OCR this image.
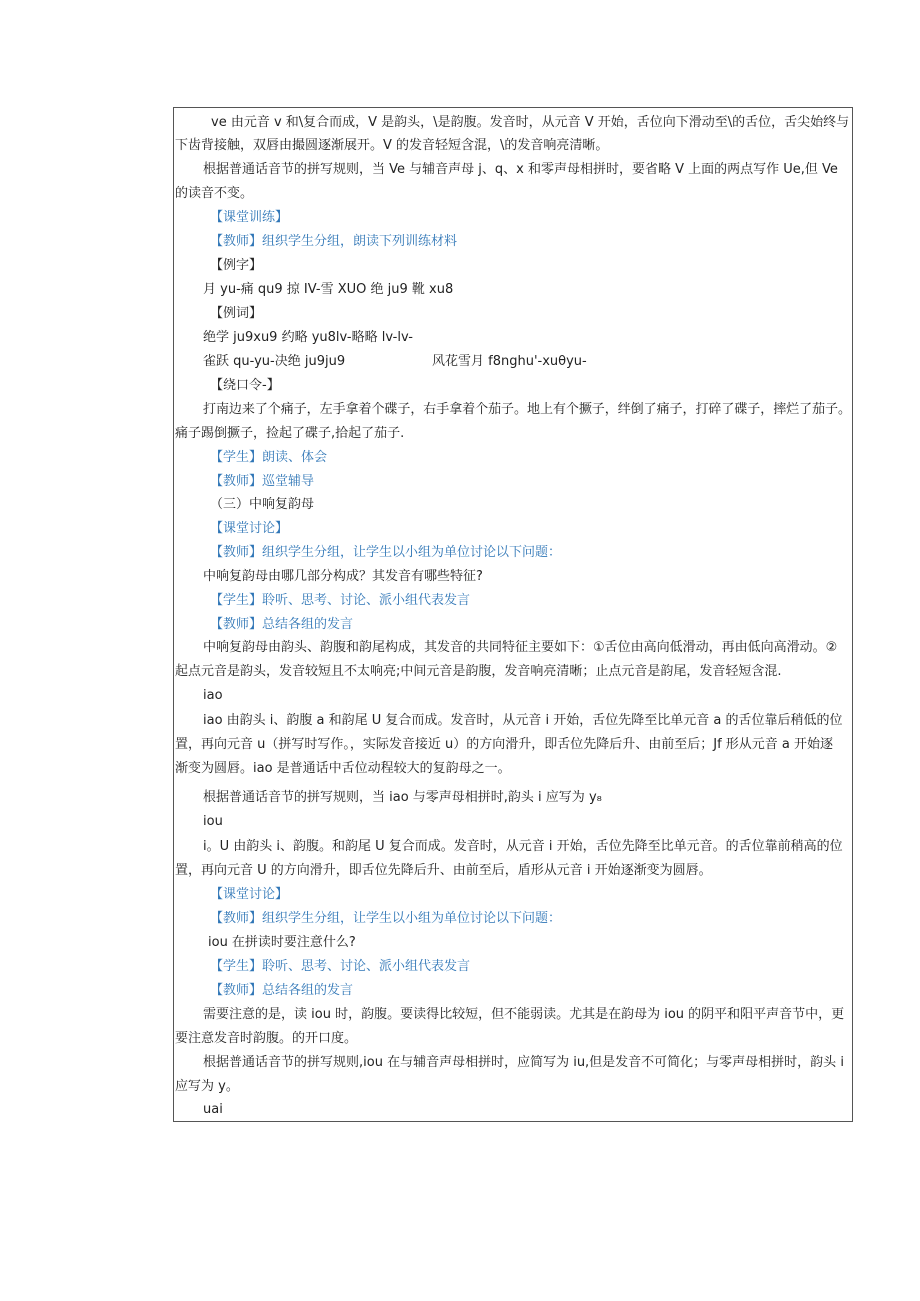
ve 由元音 v 和\复合而成，V 是韵头，\是韵腹。发音时，从元音 V 开始，舌位向下滑动至\的舌位，舌尖始终与
下齿背接触，双唇由撮圆逐渐展开。V 的发音轻短含混，\的发音响亮清晰。
根据普通话音节的拼写规则，当 Ve 与辅音声母 j、q、x 和零声母相拼时，要省略 V 上面的两点写作 Ue,但 Ve
的读音不变。
【课堂训练】
【教师】组织学生分组，朗读下列训练材料
【例字】
月 yu-痛 qu9 掠 IV-雪 XUO 绝 ju9 靴 xu8
【例词】
绝学 ju9xu9 约略 yu8lv-略略 lv-lv-
雀跃 qu-yu-决绝 ju9ju9	风花雪月 f8nghu'-xuθyu-
【绕口令-】
打南边来了个痛子，左手拿着个碟子，右手拿着个茄子。地上有个撅子，绊倒了痛子，打碎了碟子，摔烂了茄子。
痛子踢倒撅子，捡起了碟子,拾起了茄子.
【学生】朗读、体会
【教师】巡堂辅导
（三）中响复韵母
【课堂讨论】
【教师】组织学生分组，让学生以小组为单位讨论以下问题：
中响复韵母由哪几部分构成？其发音有哪些特征?
【学生】聆听、思考、讨论、派小组代表发言
【教师】总结各组的发言
中响复韵母由韵头、韵腹和韵尾构成，其发音的共同特征主要如下：①舌位由高向低滑动，再由低向高滑动。②
起点元音是韵头，发音较短且不太响亮;中间元音是韵腹，发音响亮清晰；止点元音是韵尾，发音轻短含混.
iao
iao 由韵头 i、韵腹 a 和韵尾 U 复合而成。发音时，从元音 i 开始，舌位先降至比单元音 a 的舌位靠后稍低的位
置，再向元音 u（拼写时写作。，实际发音接近 u）的方向滑升，即舌位先降后升、由前至后；Jf 形从元音 a 开始逐
渐变为圆唇。iao 是普通话中舌位动程较大的复韵母之一。
根据普通话音节的拼写规则，当 iao 与零声母相拼时,韵头 i 应写为 y₈
iou
i。U 由韵头 i、韵腹。和韵尾 U 复合而成。发音时，从元音 i 开始，舌位先降至比单元音。的舌位靠前稍高的位
置，再向元音 U 的方向滑升，即舌位先降后升、由前至后，盾形从元音 i 开始逐渐变为圆唇。
【课堂讨论】
【教师】组织学生分组，让学生以小组为单位讨论以下问题：
iou 在拼读时要注意什么?
【学生】聆听、思考、讨论、派小组代表发言
【教师】总结各组的发言
需要注意的是，读 iou 时，韵腹。要读得比较短，但不能弱读。尤其是在韵母为 iou 的阴平和阳平声音节中，更
要注意发音时韵腹。的开口度。
根据普通话音节的拼写规则,iou 在与辅音声母相拼时，应简写为 iu,但是发音不可简化；与零声母相拼时，韵头 i
应写为 y。
uai
